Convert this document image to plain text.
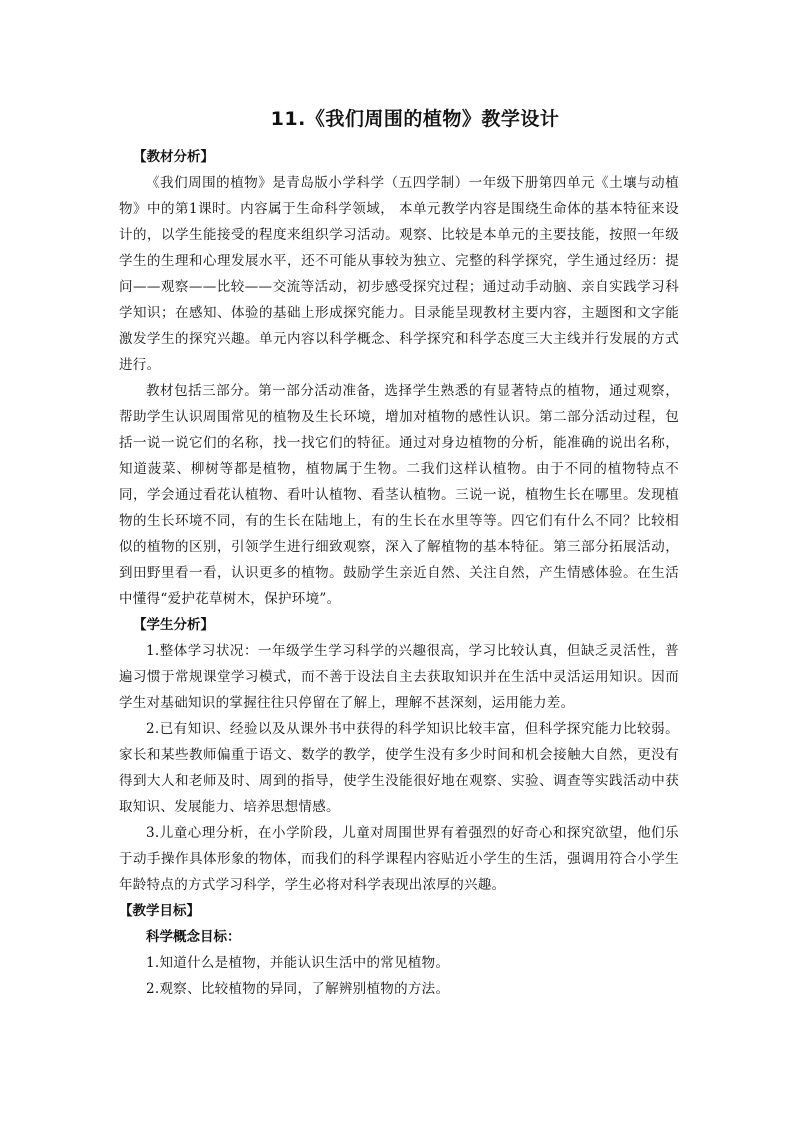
11.《我们周围的植物》教学设计

【教材分析】

《我们周围的植物》是青岛版小学科学（五四学制）一年级下册第四单元《土壤与动植物》中的第1课时。内容属于生命科学领域， 本单元教学内容是围绕生命体的基本特征来设计的，以学生能接受的程度来组织学习活动。观察、比较是本单元的主要技能，按照一年级学生的生理和心理发展水平，还不可能从事较为独立、完整的科学探究，学生通过经历：提问——观察——比较——交流等活动，初步感受探究过程；通过动手动脑、亲自实践学习科学知识；在感知、体验的基础上形成探究能力。目录能呈现教材主要内容，主题图和文字能激发学生的探究兴趣。单元内容以科学概念、科学探究和科学态度三大主线并行发展的方式进行。

教材包括三部分。第一部分活动准备，选择学生熟悉的有显著特点的植物，通过观察，帮助学生认识周围常见的植物及生长环境，增加对植物的感性认识。第二部分活动过程，包括一说一说它们的名称，找一找它们的特征。通过对身边植物的分析，能准确的说出名称，知道菠菜、柳树等都是植物，植物属于生物。二我们这样认植物。由于不同的植物特点不同，学会通过看花认植物、看叶认植物、看茎认植物。三说一说，植物生长在哪里。发现植物的生长环境不同，有的生长在陆地上，有的生长在水里等等。四它们有什么不同？比较相似的植物的区别，引领学生进行细致观察，深入了解植物的基本特征。第三部分拓展活动，到田野里看一看，认识更多的植物。鼓励学生亲近自然、关注自然，产生情感体验。在生活中懂得“爱护花草树木，保护环境”。

【学生分析】

1.整体学习状况：一年级学生学习科学的兴趣很高，学习比较认真，但缺乏灵活性，普遍习惯于常规课堂学习模式，而不善于设法自主去获取知识并在生活中灵活运用知识。因而学生对基础知识的掌握往往只停留在了解上，理解不甚深刻，运用能力差。

2.已有知识、经验以及从课外书中获得的科学知识比较丰富，但科学探究能力比较弱。家长和某些教师偏重于语文、数学的教学，使学生没有多少时间和机会接触大自然，更没有得到大人和老师及时、周到的指导，使学生没能很好地在观察、实验、调查等实践活动中获取知识、发展能力、培养思想情感。

3.儿童心理分析，在小学阶段，儿童对周围世界有着强烈的好奇心和探究欲望，他们乐于动手操作具体形象的物体，而我们的科学课程内容贴近小学生的生活，强调用符合小学生年龄特点的方式学习科学，学生必将对科学表现出浓厚的兴趣。

【教学目标】

科学概念目标：

1.知道什么是植物，并能认识生活中的常见植物。

2.观察、比较植物的异同，了解辨别植物的方法。
